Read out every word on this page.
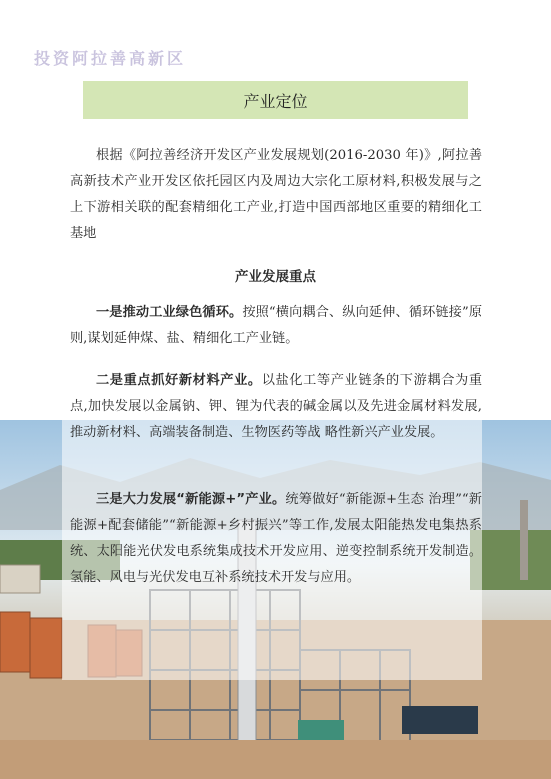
投资阿拉善高新区
产业定位
根据《阿拉善经济开发区产业发展规划(2016-2030 年)》,阿拉善高新技术产业开发区依托园区内及周边大宗化工原材料,积极发展与之上下游相关联的配套精细化工产业,打造中国西部地区重要的精细化工基地
产业发展重点
一是推动工业绿色循环。按照“横向耦合、纵向延伸、循环链接”原则,谋划延伸煤、盐、精细化工产业链。
二是重点抓好新材料产业。以盐化工等产业链条的下游耦合为重点,加快发展以金属钠、钾、锂为代表的碱金属以及先进金属材料发展,推动新材料、高端装备制造、生物医药等战 略性新兴产业发展。
三是大力发展“新能源+”产业。统筹做好“新能源+生态 治理”“新能源+配套储能”“新能源+乡村振兴”等工作,发展太阳能热发电集热系统、太阳能光伏发电系统集成技术开发应用、逆变控制系统开发制造。氢能、风电与光伏发电互补系统技术开发与应用。
